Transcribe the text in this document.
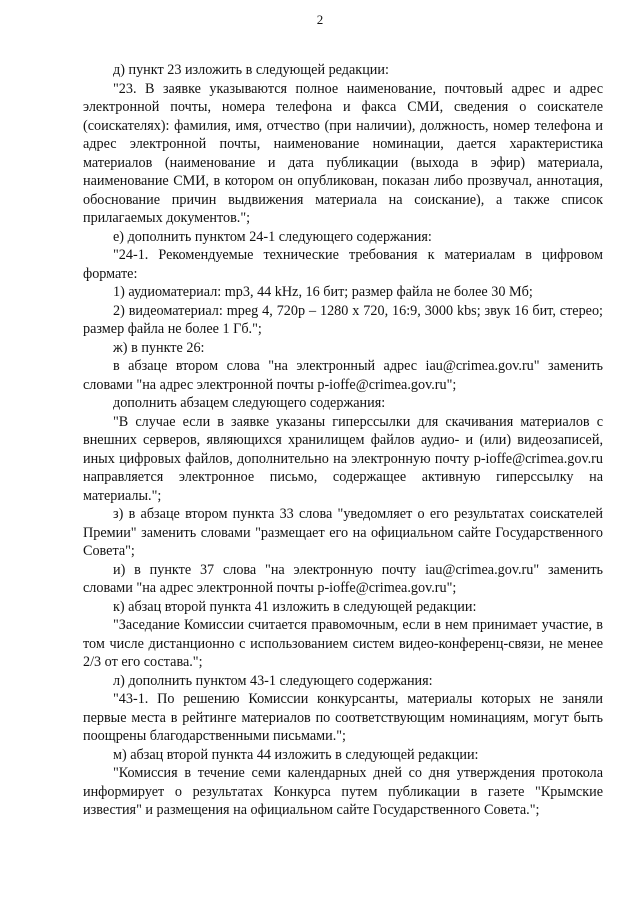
2

д) пункт 23 изложить в следующей редакции:

"23. В заявке указываются полное наименование, почтовый адрес и адрес электронной почты, номера телефона и факса СМИ, сведения о соискателе (соискателях): фамилия, имя, отчество (при наличии), должность, номер телефона и адрес электронной почты, наименование номинации, дается характеристика материалов (наименование и дата публикации (выхода в эфир) материала, наименование СМИ, в котором он опубликован, показан либо прозвучал, аннотация, обоснование причин выдвижения материала на соискание), а также список прилагаемых документов.";

е) дополнить пунктом 24-1 следующего содержания:

"24-1. Рекомендуемые технические требования к материалам в цифровом формате:

1) аудиоматериал: mp3, 44 kHz, 16 бит; размер файла не более 30 Мб;

2) видеоматериал: mpeg 4, 720p – 1280 x 720, 16:9, 3000 kbs; звук 16 бит, стерео; размер файла не более 1 Гб.";

ж) в пункте 26:

в абзаце втором слова "на электронный адрес iau@crimea.gov.ru" заменить словами "на адрес электронной почты p-ioffe@crimea.gov.ru";

дополнить абзацем следующего содержания:

"В случае если в заявке указаны гиперссылки для скачивания материалов с внешних серверов, являющихся хранилищем файлов аудио- и (или) видеозаписей, иных цифровых файлов, дополнительно на электронную почту p-ioffe@crimea.gov.ru направляется электронное письмо, содержащее активную гиперссылку на материалы.";

з) в абзаце втором пункта 33 слова "уведомляет о его результатах соискателей Премии" заменить словами "размещает его на официальном сайте Государственного Совета";

и) в пункте 37 слова "на электронную почту iau@crimea.gov.ru" заменить словами "на адрес электронной почты p-ioffe@crimea.gov.ru";

к) абзац второй пункта 41 изложить в следующей редакции:

"Заседание Комиссии считается правомочным, если в нем принимает участие, в том числе дистанционно с использованием систем видео-конференц-связи, не менее 2/3 от его состава.";

л) дополнить пунктом 43-1 следующего содержания:

"43-1. По решению Комиссии конкурсанты, материалы которых не заняли первые места в рейтинге материалов по соответствующим номинациям, могут быть поощрены благодарственными письмами.";

м) абзац второй пункта 44 изложить в следующей редакции:

"Комиссия в течение семи календарных дней со дня утверждения протокола информирует о результатах Конкурса путем публикации в газете "Крымские известия" и размещения на официальном сайте Государственного Совета.";
